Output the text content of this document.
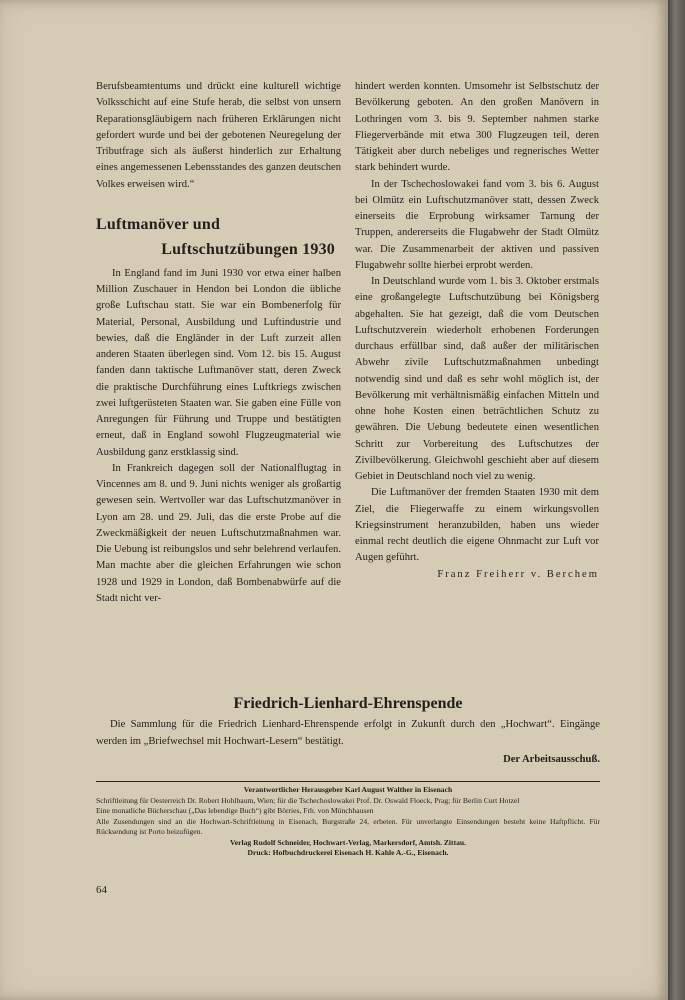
Berufsbeamtentums und drückt eine kulturell wichtige Volksschicht auf eine Stufe herab, die selbst von unsern Reparationsgläubigern nach früheren Erklärungen nicht gefordert wurde und bei der gebotenen Neuregelung der Tributfrage sich als äußerst hinderlich zur Erhaltung eines angemessenen Lebensstandes des ganzen deutschen Volkes erweisen wird.“

Luftmanöver und
Luftschutzübungen 1930

In England fand im Juni 1930 vor etwa einer halben Million Zuschauer in Hendon bei London die übliche große Luftschau statt. Sie war ein Bombenerfolg für Material, Personal, Ausbildung und Luftindustrie und bewies, daß die Engländer in der Luft zurzeit allen anderen Staaten überlegen sind. Vom 12. bis 15. August fanden dann taktische Luftmanöver statt, deren Zweck die praktische Durchführung eines Luftkriegs zwischen zwei luftgerüsteten Staaten war. Sie gaben eine Fülle von Anregungen für Führung und Truppe und bestätigten erneut, daß in England sowohl Flugzeugmaterial wie Ausbildung ganz erstklassig sind.

In Frankreich dagegen soll der Nationalflugtag in Vincennes am 8. und 9. Juni nichts weniger als großartig gewesen sein. Wertvoller war das Luftschutzmanöver in Lyon am 28. und 29. Juli, das die erste Probe auf die Zweckmäßigkeit der neuen Luftschutzmaßnahmen war. Die Uebung ist reibungslos und sehr belehrend verlaufen. Man machte aber die gleichen Erfahrungen wie schon 1928 und 1929 in London, daß Bombenabwürfe auf die Stadt nicht ver-

hindert werden konnten. Umsomehr ist Selbstschutz der Bevölkerung geboten. An den großen Manövern in Lothringen vom 3. bis 9. September nahmen starke Fliegerverbände mit etwa 300 Flugzeugen teil, deren Tätigkeit aber durch nebeliges und regnerisches Wetter stark behindert wurde.

In der Tschechoslowakei fand vom 3. bis 6. August bei Olmütz ein Luftschutzmanöver statt, dessen Zweck einerseits die Erprobung wirksamer Tarnung der Truppen, andererseits die Flugabwehr der Stadt Olmütz war. Die Zusammenarbeit der aktiven und passiven Flugabwehr sollte hierbei erprobt werden.

In Deutschland wurde vom 1. bis 3. Oktober erstmals eine großangelegte Luftschutzübung bei Königsberg abgehalten. Sie hat gezeigt, daß die vom Deutschen Luftschutzverein wiederholt erhobenen Forderungen durchaus erfüllbar sind, daß außer der militärischen Abwehr zivile Luftschutzmaßnahmen unbedingt notwendig sind und daß es sehr wohl möglich ist, der Bevölkerung mit verhältnismäßig einfachen Mitteln und ohne hohe Kosten einen beträchtlichen Schutz zu gewähren. Die Uebung bedeutete einen wesentlichen Schritt zur Vorbereitung des Luftschutzes der Zivilbevölkerung. Gleichwohl geschieht aber auf diesem Gebiet in Deutschland noch viel zu wenig.

Die Luftmanöver der fremden Staaten 1930 mit dem Ziel, die Fliegerwaffe zu einem wirkungsvollen Kriegsinstrument heranzubilden, haben uns wieder einmal recht deutlich die eigene Ohnmacht zur Luft vor Augen geführt.

Franz Freiherr v. Berchem

Friedrich-Lienhard-Ehrenspende
Die Sammlung für die Friedrich Lienhard-Ehrenspende erfolgt in Zukunft durch den „Hochwart“. Eingänge werden im „Briefwechsel mit Hochwart-Lesern“ bestätigt.
Der Arbeitsausschuß.

Verantwortlicher Herausgeber Karl August Walther in Eisenach

Schriftleitung für Oesterreich Dr. Robert Hohlbaum, Wien; für die Tschechoslowakei Prof. Dr. Oswald Floeck, Prag; für Berlin Curt Hotzel

Eine monatliche Bücherschau („Das lebendige Buch“) gibt Börries, Frh. von Münchhausen

Alle Zusendungen sind an die Hochwart-Schriftleitung in Eisenach, Burgstraße 24, erbeten. Für unverlangte Einsendungen besteht keine Haftpflicht. Für Rücksendung ist Porto beizufügen.

Verlag Rudolf Schneider, Hochwart-Verlag, Markersdorf, Amtsh. Zittau.

Druck: Hofbuchdruckerei Eisenach H. Kahle A.-G., Eisenach.

64
